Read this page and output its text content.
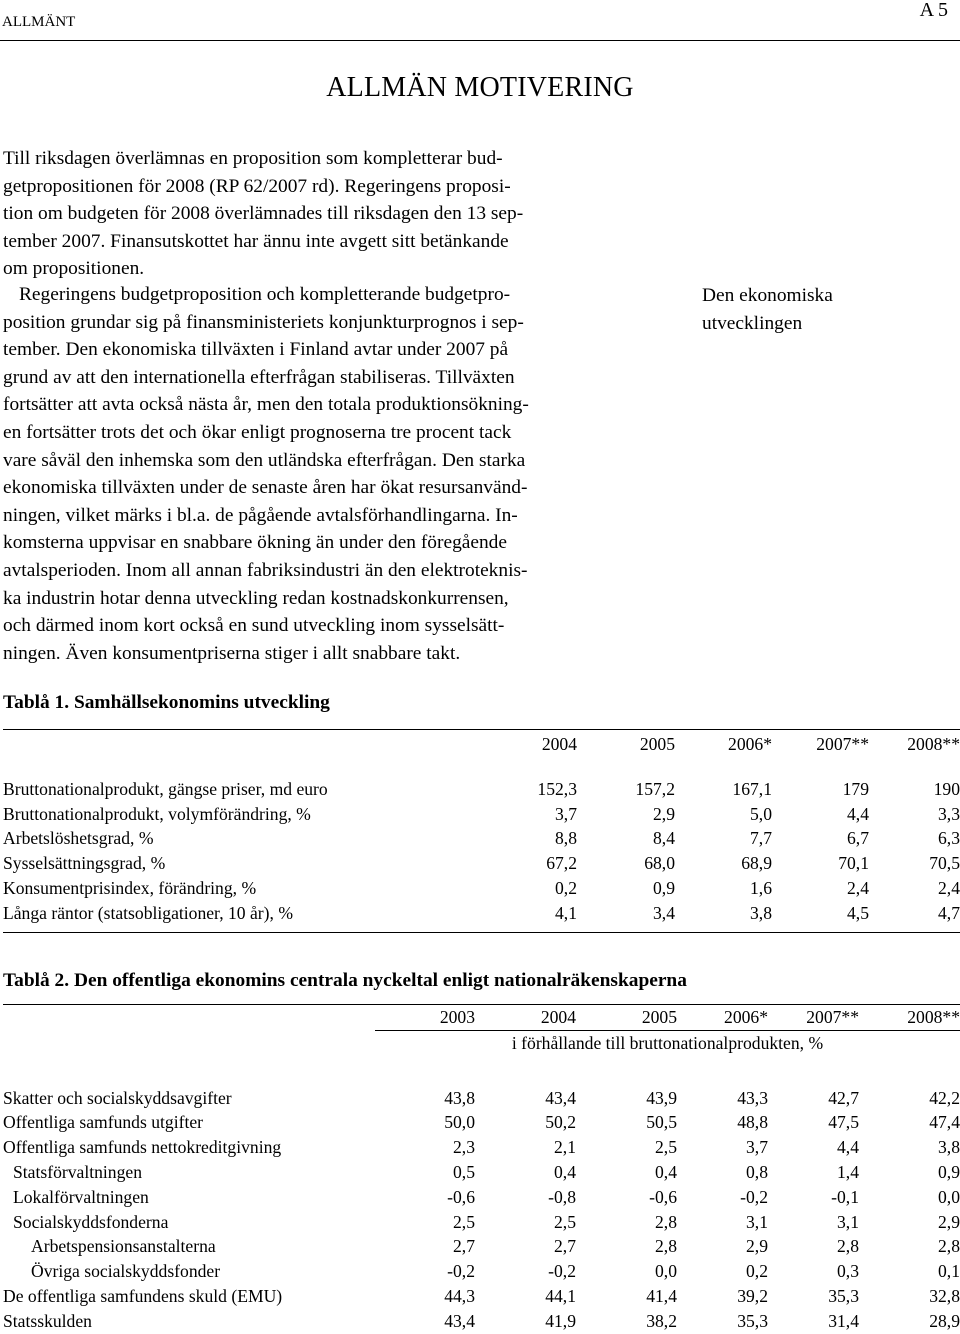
ALLMÄNT
A 5
ALLMÄN MOTIVERING
Till riksdagen överlämnas en proposition som kompletterar bud-
getpropositionen för 2008 (RP 62/2007 rd). Regeringens proposi-
tion om budgeten för 2008 överlämnades till riksdagen den 13 sep-
tember 2007. Finansutskottet har ännu inte avgett sitt betänkande
om propositionen.
Den ekonomiska
utvecklingen
Regeringens budgetproposition och kompletterande budgetpro-
position grundar sig på finansministeriets konjunkturprognos i sep-
tember. Den ekonomiska tillväxten i Finland avtar under 2007 på
grund av att den internationella efterfrågan stabiliseras. Tillväxten
fortsätter att avta också nästa år, men den totala produktionsökning-
en fortsätter trots det och ökar enligt prognoserna tre procent tack
vare såväl den inhemska som den utländska efterfrågan. Den starka
ekonomiska tillväxten under de senaste åren har ökat resursanvänd-
ningen, vilket märks i bl.a. de pågående avtalsförhandlingarna. In-
komsterna uppvisar en snabbare ökning än under den föregående
avtalsperioden. Inom all annan fabriksindustri än den elektroteknis-
ka industrin hotar denna utveckling redan kostnadskonkurrensen,
och därmed inom kort också en sund utveckling inom sysselsätt-
ningen. Även konsumentpriserna stiger i allt snabbare takt.
Tablå 1. Samhällsekonomins utveckling
	2004	2005	2006*	2007**	2008**

Bruttonationalprodukt, gängse priser, md euro	152,3	157,2	167,1	179	190
Bruttonationalprodukt, volymförändring, %	3,7	2,9	5,0	4,4	3,3
Arbetslöshetsgrad, %	8,8	8,4	7,7	6,7	6,3
Sysselsättningsgrad, %	67,2	68,0	68,9	70,1	70,5
Konsumentprisindex, förändring, %	0,2	0,9	1,6	2,4	2,4
Långa räntor (statsobligationer, 10 år), %	4,1	3,4	3,8	4,5	4,7
Tablå 2. Den offentliga ekonomins centrala nyckeltal enligt nationalräkenskaperna
	2003	2004	2005	2006*	2007**	2008**
	i förhållande till bruttonationalprodukten, %					

Skatter och socialskyddsavgifter	43,8	43,4	43,9	43,3	42,7	42,2
Offentliga samfunds utgifter	50,0	50,2	50,5	48,8	47,5	47,4
Offentliga samfunds nettokreditgivning	2,3	2,1	2,5	3,7	4,4	3,8
Statsförvaltningen	0,5	0,4	0,4	0,8	1,4	0,9
Lokalförvaltningen	-0,6	-0,8	-0,6	-0,2	-0,1	0,0
Socialskyddsfonderna	2,5	2,5	2,8	3,1	3,1	2,9
Arbetspensionsanstalterna	2,7	2,7	2,8	2,9	2,8	2,8
Övriga socialskyddsfonder	-0,2	-0,2	0,0	0,2	0,3	0,1
De offentliga samfundens skuld (EMU)	44,3	44,1	41,4	39,2	35,3	32,8
Statsskulden	43,4	41,9	38,2	35,3	31,4	28,9
